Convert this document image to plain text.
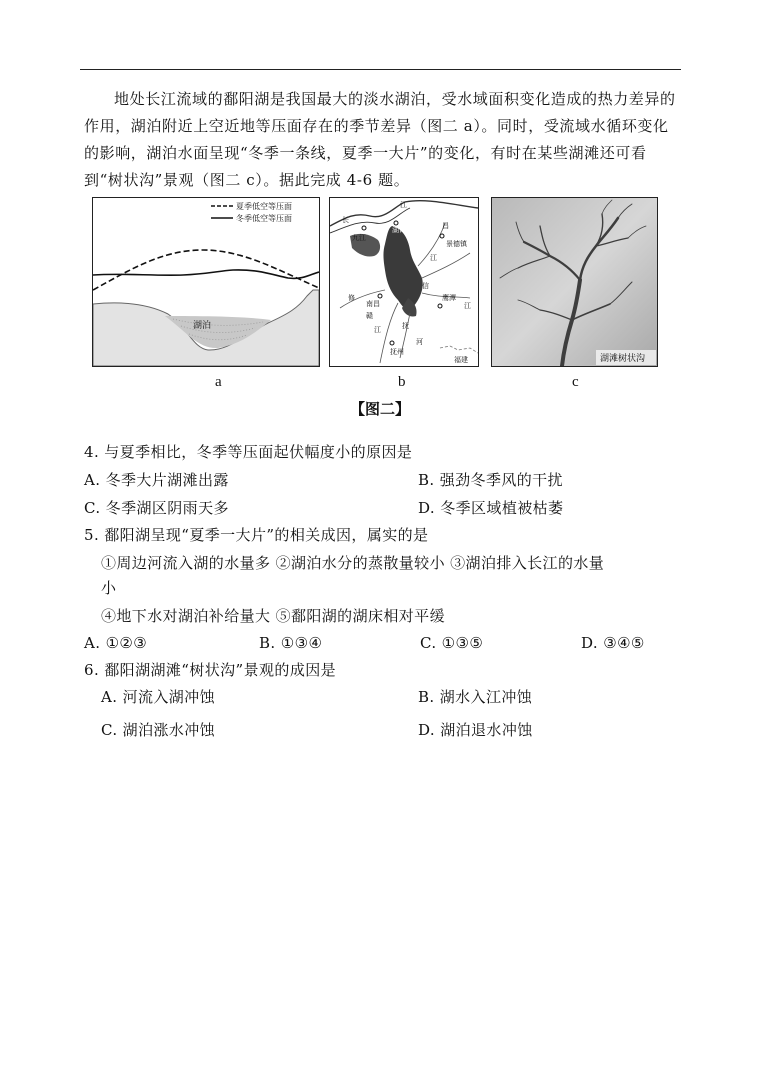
地处长江流域的鄱阳湖是我国最大的淡水湖泊，受水域面积变化造成的热力差异的作用，湖泊附近上空近地等压面存在的季节差异（图二 a）。同时，受流域水循环变化的影响，湖泊水面呈现“冬季一条线，夏季一大片”的变化，有时在某些湖滩还可看到“树状沟”景观（图二 c）。据此完成 4-6 题。

夏季低空等压面
冬季低空等压面
湖泊
江
长
九江
湖口	昌
景德镇
江
修
南昌
信
鹰潭
江
赣
江	抚
河
抚州
福建	湖滩树状沟
a	b	c
【图二】
4. 与夏季相比，冬季等压面起伏幅度小的原因是
A. 冬季大片湖滩出露	B. 强劲冬季风的干扰
C. 冬季湖区阴雨天多	D. 冬季区域植被枯萎
5. 鄱阳湖呈现“夏季一大片”的相关成因，属实的是
①周边河流入湖的水量多 ②湖泊水分的蒸散量较小 ③湖泊排入长江的水量
小
④地下水对湖泊补给量大 ⑤鄱阳湖的湖床相对平缓
A. ①②③	B. ①③④	C. ①③⑤	D. ③④⑤
6. 鄱阳湖湖滩“树状沟”景观的成因是
A. 河流入湖冲蚀	B. 湖水入江冲蚀
C. 湖泊涨水冲蚀	D. 湖泊退水冲蚀
